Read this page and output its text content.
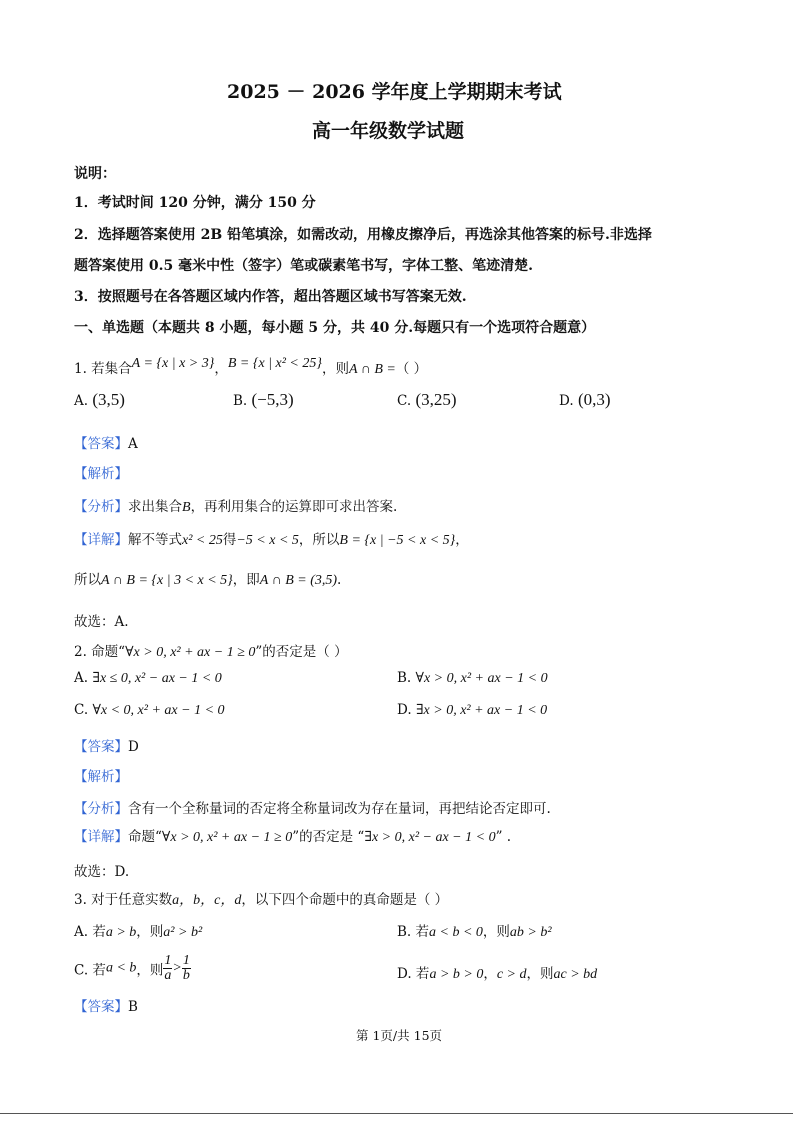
2025 － 2026 学年度上学期期末考试
高一年级数学试题
说明：
1．考试时间 120 分钟，满分 150 分
2．选择题答案使用 2B 铅笔填涂，如需改动，用橡皮擦净后，再选涂其他答案的标号.非选择
题答案使用 0.5 毫米中性（签字）笔或碳素笔书写，字体工整、笔迹清楚.
3．按照题号在各答题区域内作答，超出答题区域书写答案无效.
一、单选题（本题共 8 小题，每小题 5 分，共 40 分.每题只有一个选项符合题意）
1. 若集合A = {x | x > 3}，B = {x | x² < 25}，则A ∩ B =（ ）
A. (3,5)	B. (−5,3)	C. (3,25)	D. (0,3)
【答案】A
【解析】
【分析】求出集合B，再利用集合的运算即可求出答案.
【详解】解不等式x² < 25得−5 < x < 5，所以B = {x | −5 < x < 5}，
所以A ∩ B = {x | 3 < x < 5}，即A ∩ B = (3,5).
故选：A.
2. 命题“∀x > 0, x² + ax − 1 ≥ 0”的否定是（ ）
A. ∃x ≤ 0, x² − ax − 1 < 0	B. ∀x > 0, x² + ax − 1 < 0
C. ∀x < 0, x² + ax − 1 < 0	D. ∃x > 0, x² + ax − 1 < 0
【答案】D
【解析】
【分析】含有一个全称量词的否定将全称量词改为存在量词，再把结论否定即可.
【详解】命题“∀x > 0, x² + ax − 1 ≥ 0”的否定是 “∃x > 0, x² − ax − 1 < 0” .
故选：D.
3. 对于任意实数a，b，c，d，以下四个命题中的真命题是（ ）
A. 若a > b，则a² > b²	B. 若a < b < 0，则ab > b²
C. 若a < b，则 $\frac{1}{a} > \frac{1}{b}$	D. 若a > b > 0，c > d，则ac > bd
【答案】B
第 1页/共 15页
